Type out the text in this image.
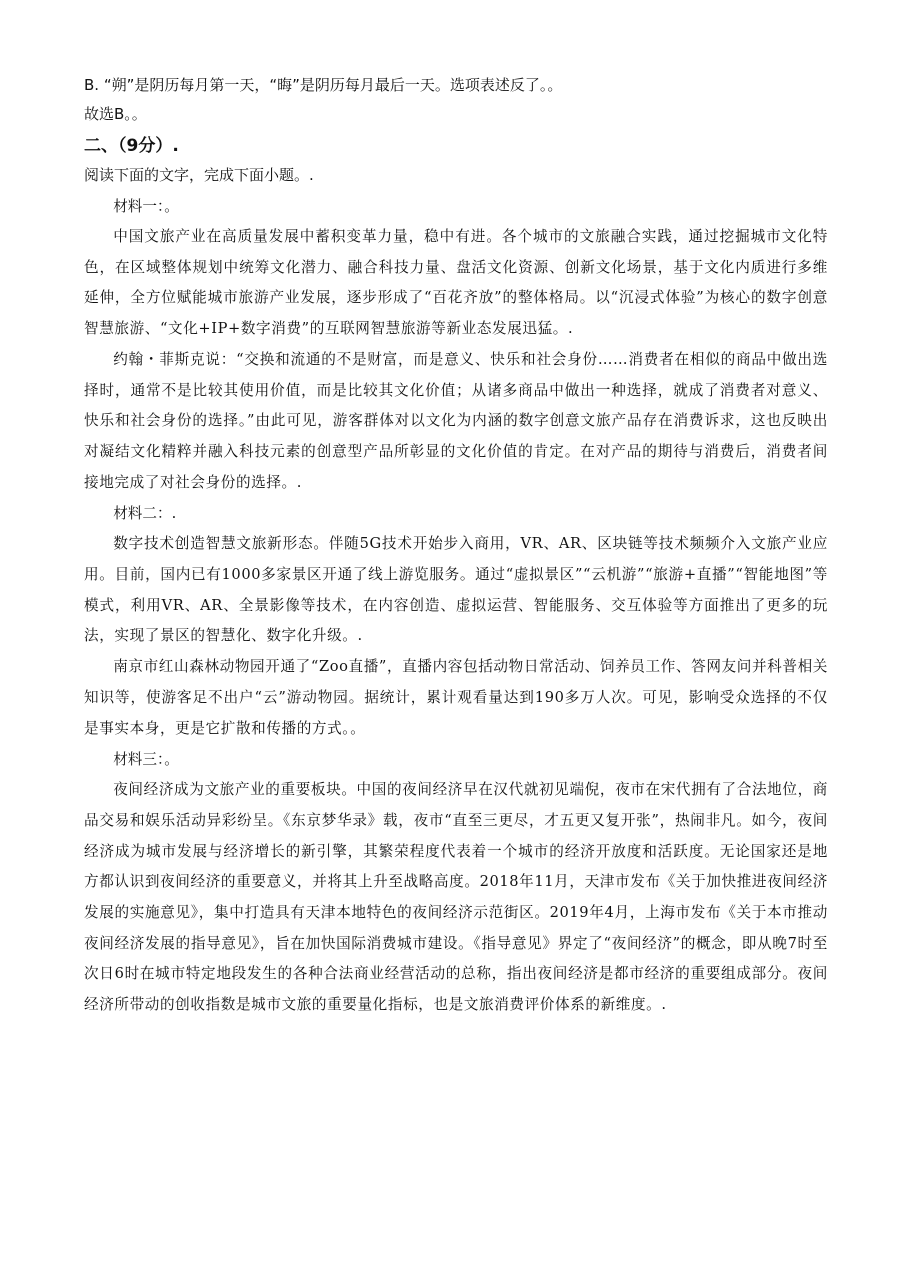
B. “朔”是阴历每月第一天，“晦”是阴历每月最后一天。选项表述反了。。

故选B。。

二、（9分）.

阅读下面的文字，完成下面小题。.

材料一：。

中国文旅产业在高质量发展中蓄积变革力量，稳中有进。各个城市的文旅融合实践，通过挖掘城市文化特色，在区域整体规划中统筹文化潜力、融合科技力量、盘活文化资源、创新文化场景，基于文化内质进行多维延伸，全方位赋能城市旅游产业发展，逐步形成了“百花齐放”的整体格局。以“沉浸式体验”为核心的数字创意智慧旅游、“文化+IP+数字消费”的互联网智慧旅游等新业态发展迅猛。.

约翰・菲斯克说：“交换和流通的不是财富，而是意义、快乐和社会身份……消费者在相似的商品中做出选择时，通常不是比较其使用价值，而是比较其文化价值；从诸多商品中做出一种选择，就成了消费者对意义、快乐和社会身份的选择。”由此可见，游客群体对以文化为内涵的数字创意文旅产品存在消费诉求，这也反映出对凝结文化精粹并融入科技元素的创意型产品所彰显的文化价值的肯定。在对产品的期待与消费后，消费者间接地完成了对社会身份的选择。.

材料二：.

数字技术创造智慧文旅新形态。伴随5G技术开始步入商用，VR、AR、区块链等技术频频介入文旅产业应用。目前，国内已有1000多家景区开通了线上游览服务。通过“虚拟景区”“云机游”“旅游+直播”“智能地图”等模式，利用VR、AR、全景影像等技术，在内容创造、虚拟运营、智能服务、交互体验等方面推出了更多的玩法，实现了景区的智慧化、数字化升级。.

南京市红山森林动物园开通了“Zoo直播”，直播内容包括动物日常活动、饲养员工作、答网友问并科普相关知识等，使游客足不出户“云”游动物园。据统计，累计观看量达到190多万人次。可见，影响受众选择的不仅是事实本身，更是它扩散和传播的方式。。

材料三：。

夜间经济成为文旅产业的重要板块。中国的夜间经济早在汉代就初见端倪，夜市在宋代拥有了合法地位，商品交易和娱乐活动异彩纷呈。《东京梦华录》载，夜市“直至三更尽，才五更又复开张”，热闹非凡。如今，夜间经济成为城市发展与经济增长的新引擎，其繁荣程度代表着一个城市的经济开放度和活跃度。无论国家还是地方都认识到夜间经济的重要意义，并将其上升至战略高度。2018年11月，天津市发布《关于加快推进夜间经济发展的实施意见》，集中打造具有天津本地特色的夜间经济示范街区。2019年4月，上海市发布《关于本市推动夜间经济发展的指导意见》，旨在加快国际消费城市建设。《指导意见》界定了“夜间经济”的概念，即从晚7时至次日6时在城市特定地段发生的各种合法商业经营活动的总称，指出夜间经济是都市经济的重要组成部分。夜间经济所带动的创收指数是城市文旅的重要量化指标，也是文旅消费评价体系的新维度。.
